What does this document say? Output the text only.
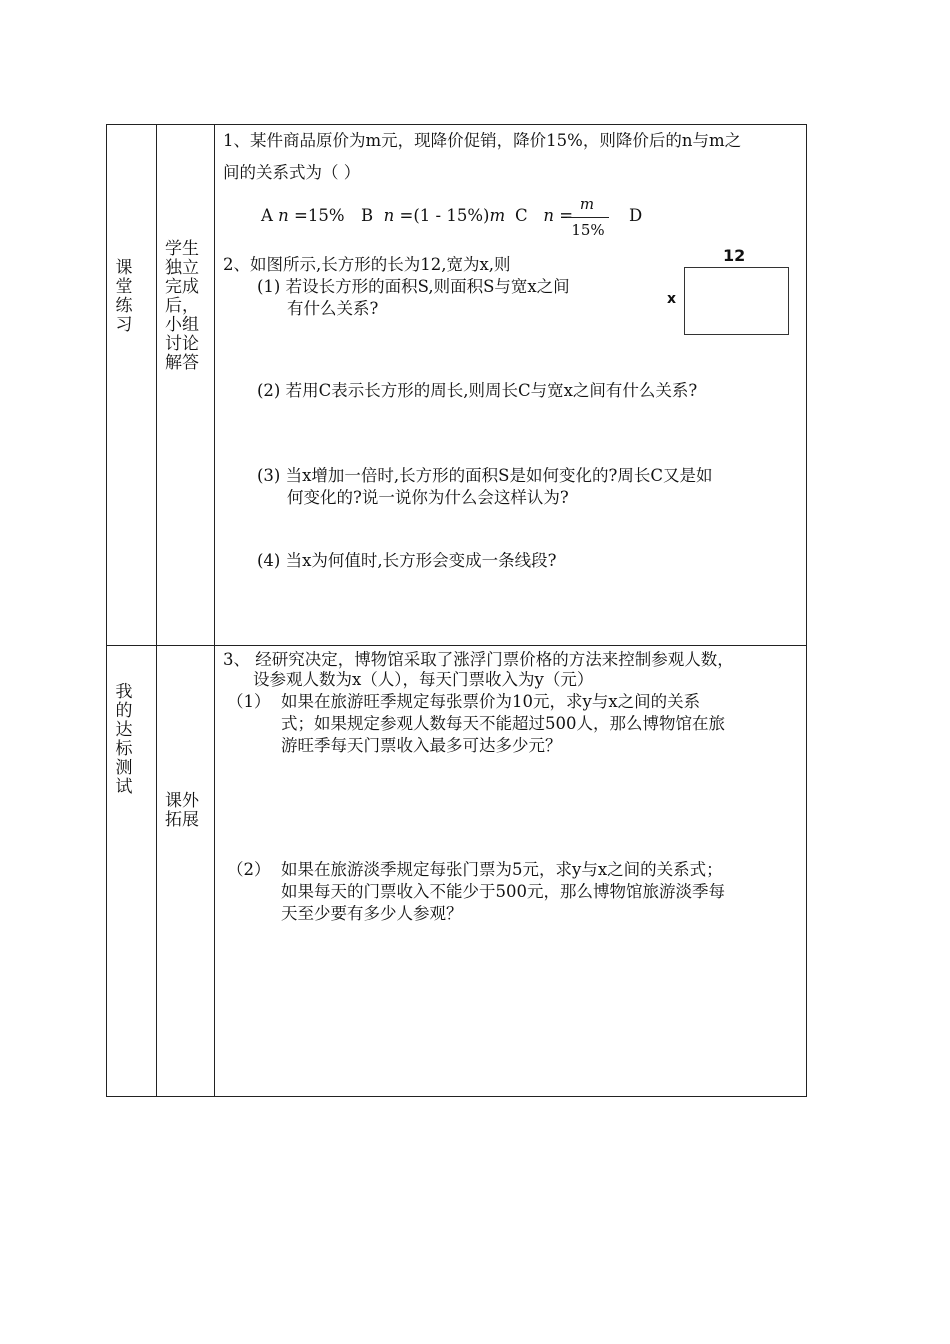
课堂练习
学生独立完成后，小组讨论解答
我的达标测试
课外拓展
1、某件商品原价为m元，现降价促销，降价15%，则降价后的n与m之
间的关系式为（ ）
A n =15% B n =(1 - 15%)m C n =
m
15%
D
2、如图所示,长方形的长为12,宽为x,则
(1) 若设长方形的面积S,则面积S与宽x之间
有什么关系?
12
x
(2) 若用C表示长方形的周长,则周长C与宽x之间有什么关系?
(3) 当x增加一倍时,长方形的面积S是如何变化的?周长C又是如
何变化的?说一说你为什么会这样认为?
(4) 当x为何值时,长方形会变成一条线段?
3、 经研究决定，博物馆采取了涨浮门票价格的方法来控制参观人数，
设参观人数为x（人），每天门票收入为y（元）
（1） 如果在旅游旺季规定每张票价为10元，求y与x之间的关系
式；如果规定参观人数每天不能超过500人，那么博物馆在旅
游旺季每天门票收入最多可达多少元？
（2） 如果在旅游淡季规定每张门票为5元，求y与x之间的关系式；
如果每天的门票收入不能少于500元，那么博物馆旅游淡季每
天至少要有多少人参观？
